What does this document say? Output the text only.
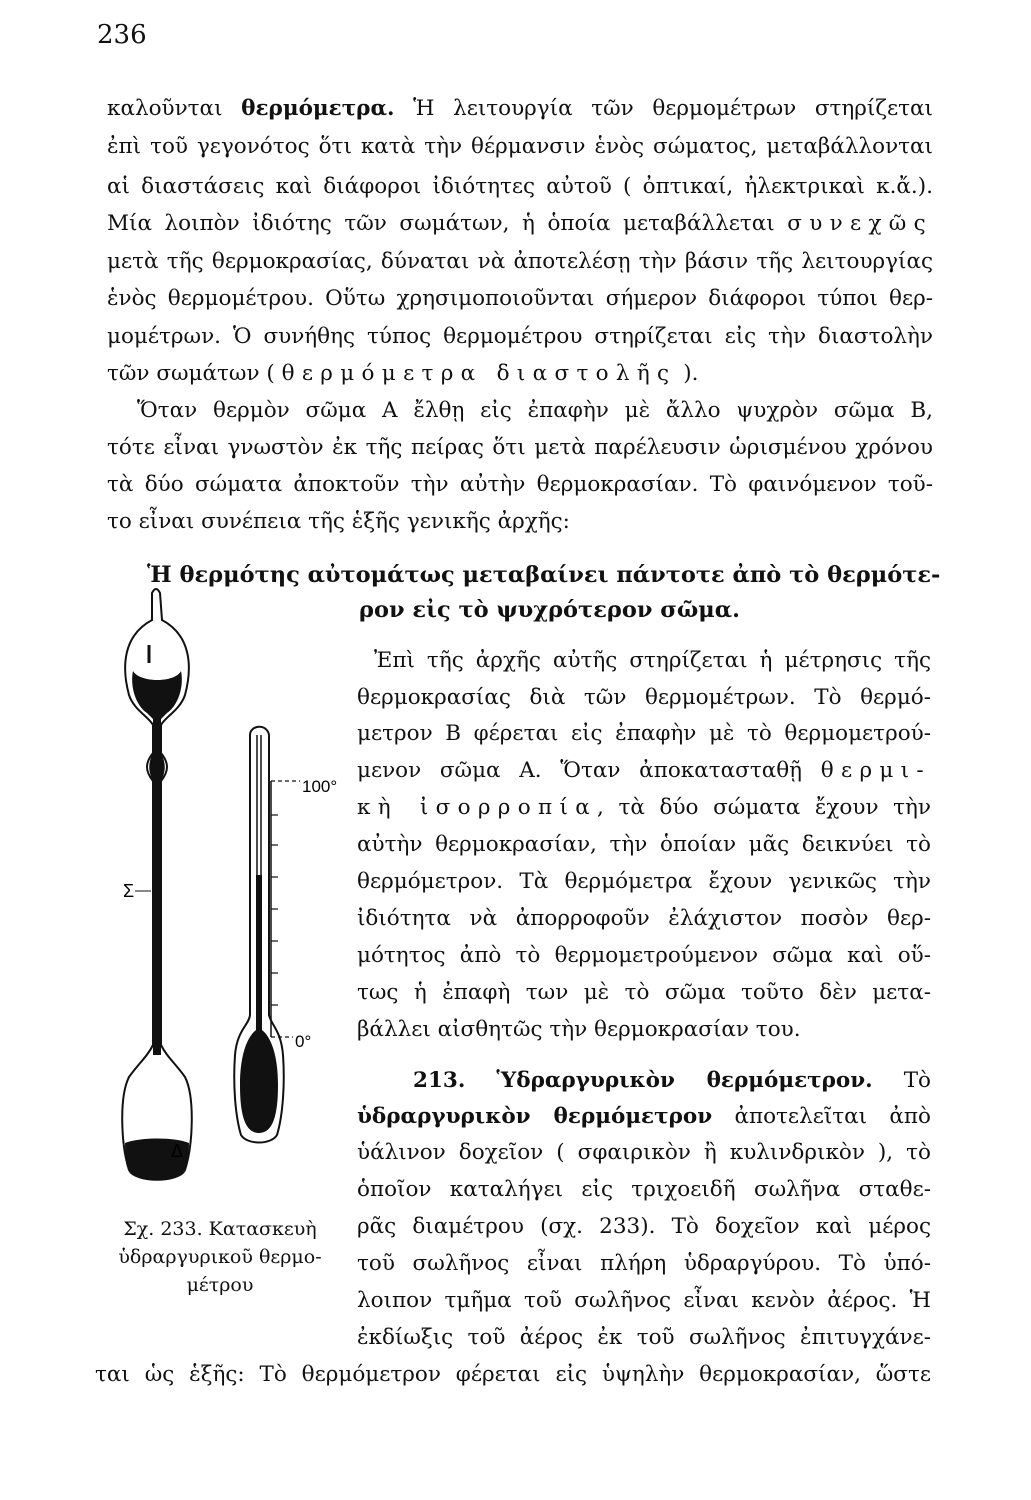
236
καλοῦνται θερμόμετρα. Ἡ λειτουργία τῶν θερμομέτρων στηρίζεται
ἐπὶ τοῦ γεγονότος ὅτι κατὰ τὴν θέρμανσιν ἑνὸς σώματος, μεταβάλλονται
αἱ διαστάσεις καὶ διάφοροι ἰδιότητες αὐτοῦ ( ὀπτικαί, ἠλεκτρικαὶ κ.ἄ.).
Μία λοιπὸν ἰδιότης τῶν σωμάτων, ἡ ὁποία μεταβάλλεται συνεχῶς
μετὰ τῆς θερμοκρασίας, δύναται νὰ ἀποτελέσῃ τὴν βάσιν τῆς λειτουργίας
ἑνὸς θερμομέτρου. Οὕτω χρησιμοποιοῦνται σήμερον διάφοροι τύποι θερ-
μομέτρων. Ὁ συνήθης τύπος θερμομέτρου στηρίζεται εἰς τὴν διαστολὴν
τῶν σωμάτων ( θερμόμετρα διαστολῆς ).
Ὅταν θερμὸν σῶμα Α ἔλθῃ εἰς ἐπαφὴν μὲ ἄλλο ψυχρὸν σῶμα Β,
τότε εἶναι γνωστὸν ἐκ τῆς πείρας ὅτι μετὰ παρέλευσιν ὡρισμένου χρόνου
τὰ δύο σώματα ἀποκτοῦν τὴν αὐτὴν θερμοκρασίαν. Τὸ φαινόμενον τοῦ-
το εἶναι συνέπεια τῆς ἑξῆς γενικῆς ἀρχῆς:
Ἡ θερμότης αὐτομάτως μεταβαίνει πάντοτε ἀπὸ τὸ θερμότε-
ρον εἰς τὸ ψυχρότερον σῶμα.
Ἐπὶ τῆς ἀρχῆς αὐτῆς στηρίζεται ἡ μέτρησις τῆς
θερμοκρασίας διὰ τῶν θερμομέτρων. Τὸ θερμό-
μετρον Β φέρεται εἰς ἐπαφὴν μὲ τὸ θερμομετρού-
μενον σῶμα Α. Ὅταν ἀποκατασταθῇ θερμι-
κὴ ἰσορροπία, τὰ δύο σώματα ἔχουν τὴν
αὐτὴν θερμοκρασίαν, τὴν ὁποίαν μᾶς δεικνύει τὸ
θερμόμετρον. Τὰ θερμόμετρα ἔχουν γενικῶς τὴν
ἰδιότητα νὰ ἀπορροφοῦν ἐλάχιστον ποσὸν θερ-
μότητος ἀπὸ τὸ θερμομετρούμενον σῶμα καὶ οὕ-
τως ἡ ἐπαφὴ των μὲ τὸ σῶμα τοῦτο δὲν μετα-
βάλλει αἰσθητῶς τὴν θερμοκρασίαν του.
213. Ὑδραργυρικὸν θερμόμετρον. Τὸ
ὑδραργυρικὸν θερμόμετρον ἀποτελεῖται ἀπὸ
ὑάλινον δοχεῖον ( σφαιρικὸν ἢ κυλινδρικὸν ), τὸ
ὁποῖον καταλήγει εἰς τριχοειδῆ σωλῆνα σταθε-
ρᾶς διαμέτρου (σχ. 233). Τὸ δοχεῖον καὶ μέρος
τοῦ σωλῆνος εἶναι πλήρη ὑδραργύρου. Τὸ ὑπό-
λοιπον τμῆμα τοῦ σωλῆνος εἶναι κενὸν ἀέρος. Ἡ
ἐκδίωξις τοῦ ἀέρος ἐκ τοῦ σωλῆνος ἐπιτυγχάνε-
ται ὡς ἑξῆς: Τὸ θερμόμετρον φέρεται εἰς ὑψηλὴν θερμοκρασίαν, ὥστε
Σ
Δ
100°
0°
Σχ. 233. Κατασκευὴ
ὑδραργυρικοῦ θερμο-
μέτρου
